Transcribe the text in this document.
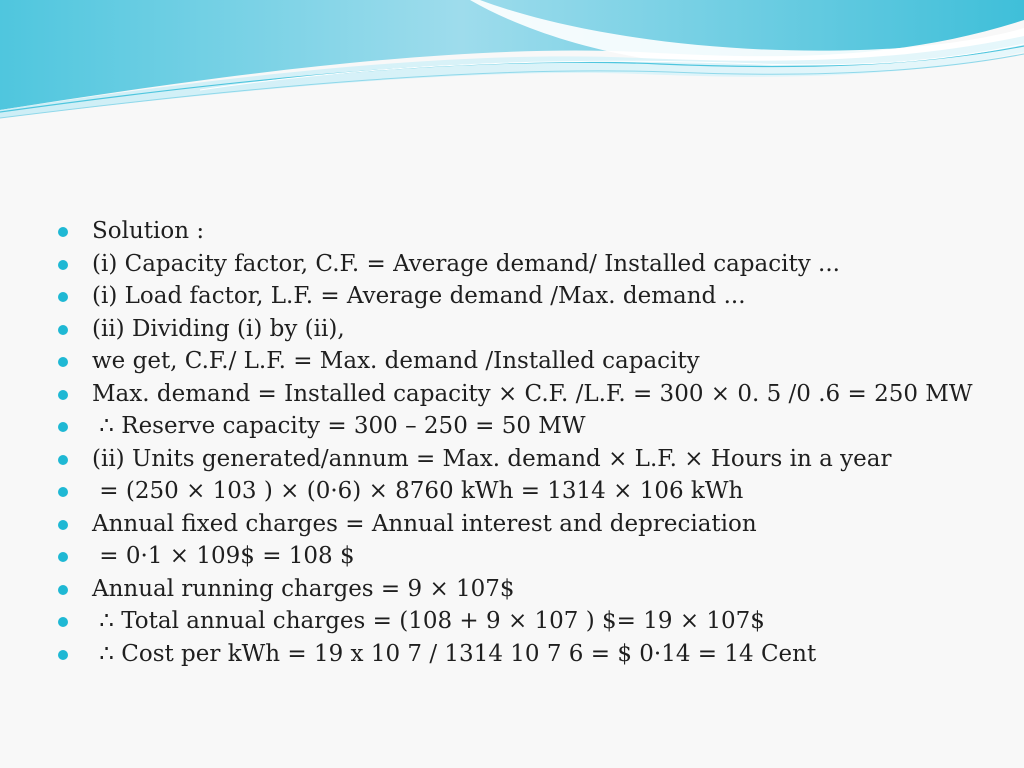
Solution :
(i) Capacity factor, C.F. = Average demand/ Installed capacity ...
(i) Load factor, L.F. = Average demand /Max. demand ...
(ii) Dividing (i) by (ii),
we get, C.F./ L.F. = Max. demand /Installed capacity
Max. demand = Installed capacity × C.F. /L.F. = 300 × 0. 5 /0 .6 = 250 MW
∴ Reserve capacity = 300 – 250 = 50 MW
(ii) Units generated/annum = Max. demand × L.F. × Hours in a year
= (250 × 103 ) × (0·6) × 8760 kWh = 1314 × 106 kWh
Annual fixed charges = Annual interest and depreciation
= 0·1 × 109$ = 108 $
Annual running charges = 9 × 107$
∴ Total annual charges = (108 + 9 × 107 ) $= 19 × 107$
∴ Cost per kWh = 19 x 10 7 / 1314 10 7 6 = $ 0·14 = 14 Cent
